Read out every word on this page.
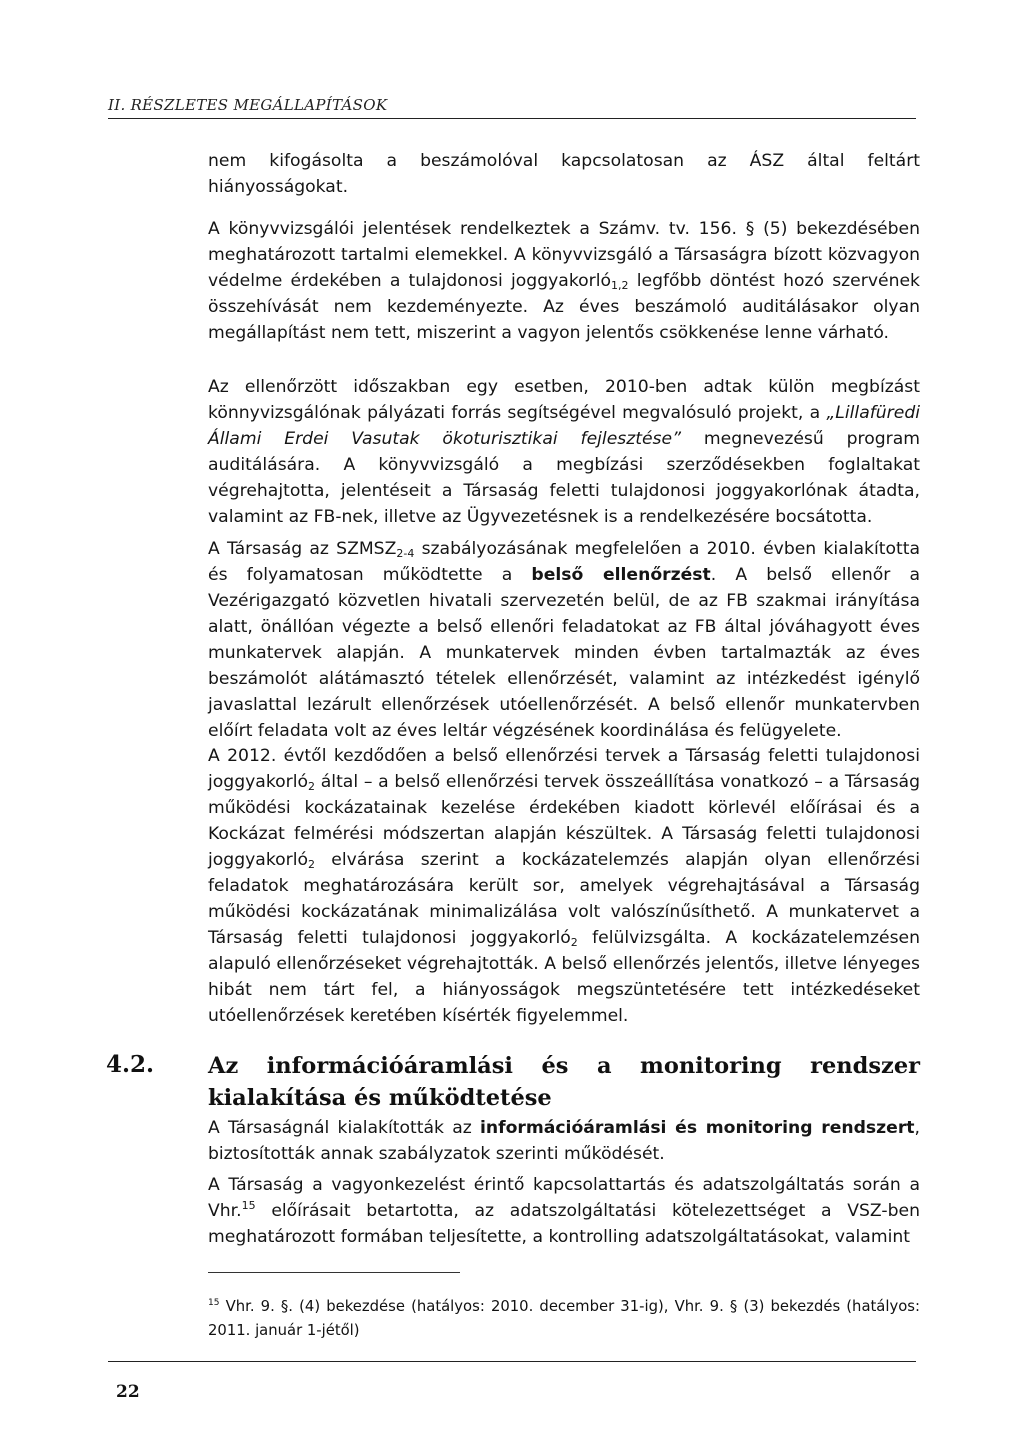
II. RÉSZLETES MEGÁLLAPÍTÁSOK

nem kifogásolta a beszámolóval kapcsolatosan az ÁSZ által feltárt hiányosságokat.

A könyvvizsgálói jelentések rendelkeztek a Számv. tv. 156. § (5) bekezdésében meghatározott tartalmi elemekkel. A könyvvizsgáló a Társaságra bízott közvagyon védelme érdekében a tulajdonosi joggyakorló$_{1,2}$ legfőbb döntést hozó szervének összehívását nem kezdeményezte. Az éves beszámoló auditálásakor olyan megállapítást nem tett, miszerint a vagyon jelentős csökkenése lenne várható.

Az ellenőrzött időszakban egy esetben, 2010-ben adtak külön megbízást könnyvizsgálónak pályázati forrás segítségével megvalósuló projekt, a „Lillafüredi Állami Erdei Vasutak ökoturisztikai fejlesztése” megnevezésű program auditálására. A könyvvizsgáló a megbízási szerződésekben foglaltakat végrehajtotta, jelentéseit a Társaság feletti tulajdonosi joggyakorlónak átadta, valamint az FB-nek, illetve az Ügyvezetésnek is a rendelkezésére bocsátotta.

A Társaság az $SZMSZ_{2-4}$ szabályozásának megfelelően a 2010. évben kialakította és folyamatosan működtette a belső ellenőrzést. A belső ellenőr a Vezérigazgató közvetlen hivatali szervezetén belül, de az FB szakmai irányítása alatt, önállóan végezte a belső ellenőri feladatokat az FB által jóváhagyott éves munkatervek alapján. A munkatervek minden évben tartalmazták az éves beszámolót alátámasztó tételek ellenőrzését, valamint az intézkedést igénylő javaslattal lezárult ellenőrzések utóellenőrzését. A belső ellenőr munkatervben előírt feladata volt az éves leltár végzésének koordinálása és felügyelete.

A 2012. évtől kezdődően a belső ellenőrzési tervek a Társaság feletti tulajdonosi joggyakorló$_2$ által – a belső ellenőrzési tervek összeállítása vonatkozó – a Társaság működési kockázatainak kezelése érdekében kiadott körlevél előírásai és a Kockázat felmérési módszertan alapján készültek. A Társaság feletti tulajdonosi joggyakorló$_2$ elvárása szerint a kockázatelemzés alapján olyan ellenőrzési feladatok meghatározására került sor, amelyek végrehajtásával a Társaság működési kockázatának minimalizálása volt valószínűsíthető. A munkatervet a Társaság feletti tulajdonosi joggyakorló$_2$ felülvizsgálta. A kockázatelemzésen alapuló ellenőrzéseket végrehajtották. A belső ellenőrzés jelentős, illetve lényeges hibát nem tárt fel, a hiányosságok megszüntetésére tett intézkedéseket utóellenőrzések keretében kísérték figyelemmel.

4.2. Az információáramlási és a monitoring rendszer kialakítása és működtetése

A Társaságnál kialakították az információáramlási és monitoring rendszert, biztosították annak szabályzatok szerinti működését.

A Társaság a vagyonkezelést érintő kapcsolattartás és adatszolgáltatás során a Vhr.$^{15}$ előírásait betartotta, az adatszolgáltatási kötelezettséget a VSZ-ben meghatározott formában teljesítette, a kontrolling adatszolgáltatásokat, valamint

$^{15}$ Vhr. 9. §. (4) bekezdése (hatályos: 2010. december 31-ig), Vhr. 9. § (3) bekezdés (hatályos: 2011. január 1-jétől)
22
